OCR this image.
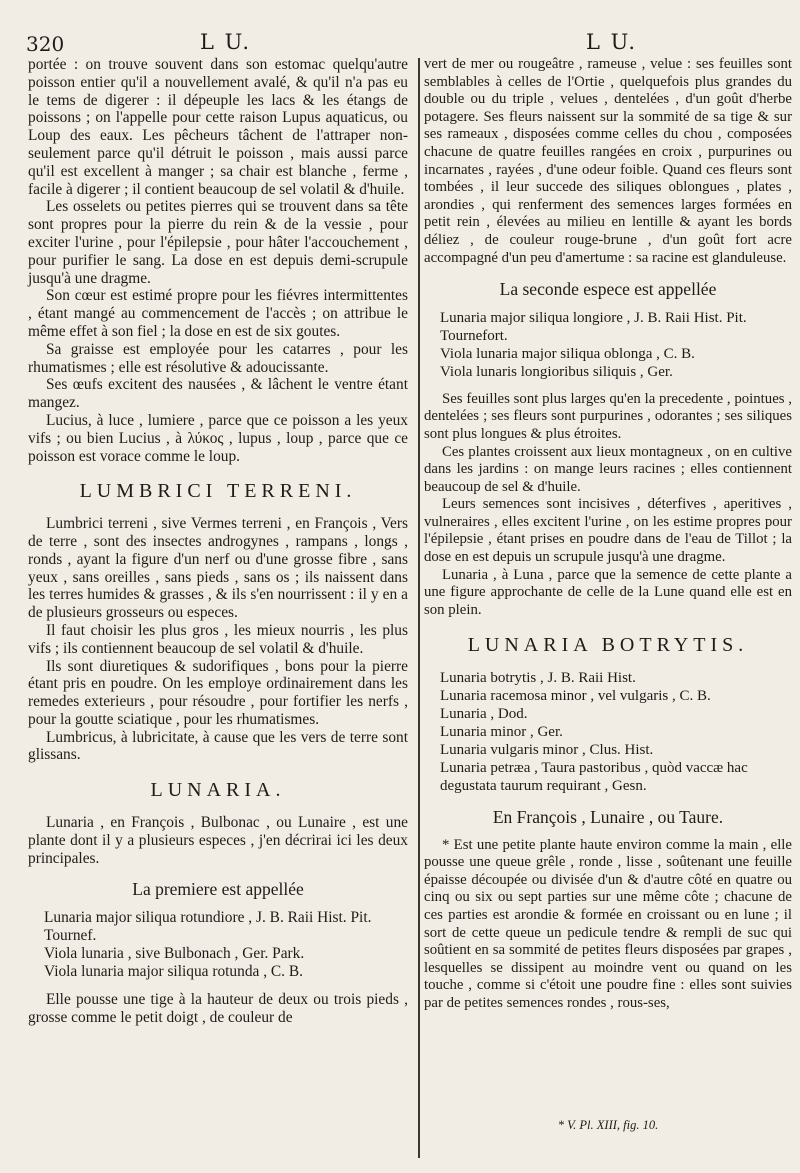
320	L U.	L U.

portée : on trouve souvent dans son estomac quelqu'autre poisson entier qu'il a nouvellement avalé, & qu'il n'a pas eu le tems de digerer : il dépeuple les lacs & les étangs de poissons ; on l'appelle pour cette raison Lupus aquaticus, ou Loup des eaux. Les pêcheurs tâchent de l'attraper non-seulement parce qu'il détruit le poisson , mais aussi parce qu'il est excellent à manger ; sa chair est blanche , ferme , facile à digerer ; il contient beaucoup de sel volatil & d'huile.

Les osselets ou petites pierres qui se trouvent dans sa tête sont propres pour la pierre du rein & de la vessie , pour exciter l'urine , pour l'épilepsie , pour hâter l'accouchement , pour purifier le sang. La dose en est depuis demi-scrupule jusqu'à une dragme.

Son cœur est estimé propre pour les fiévres intermittentes , étant mangé au commencement de l'accès ; on attribue le même effet à son fiel ; la dose en est de six goutes.

Sa graisse est employée pour les catarres , pour les rhumatismes ; elle est résolutive & adoucissante.

Ses œufs excitent des nausées , & lâchent le ventre étant mangez.

Lucius, à luce , lumiere , parce que ce poisson a les yeux vifs ; ou bien Lucius , à λύκος , lupus , loup , parce que ce poisson est vorace comme le loup.

LUMBRICI TERRENI.

Lumbrici terreni , sive Vermes terreni , en François , Vers de terre , sont des insectes androgynes , rampans , longs , ronds , ayant la figure d'un nerf ou d'une grosse fibre , sans yeux , sans oreilles , sans pieds , sans os ; ils naissent dans les terres humides & grasses , & ils s'en nourrissent : il y en a de plusieurs grosseurs ou especes.

Il faut choisir les plus gros , les mieux nourris , les plus vifs ; ils contiennent beaucoup de sel volatil & d'huile.

Ils sont diuretiques & sudorifiques , bons pour la pierre étant pris en poudre. On les employe ordinairement dans les remedes exterieurs , pour résoudre , pour fortifier les nerfs , pour la goutte sciatique , pour les rhumatismes.

Lumbricus, à lubricitate, à cause que les vers de terre sont glissans.

LUNARIA.

Lunaria , en François , Bulbonac , ou Lunaire , est une plante dont il y a plusieurs especes , j'en décrirai ici les deux principales.

La premiere est appellée

Lunaria major siliqua rotundiore , J. B. Raii Hist. Pit. Tournef.

Viola lunaria , sive Bulbonach , Ger. Park.

Viola lunaria major siliqua rotunda , C. B.

Elle pousse une tige à la hauteur de deux ou trois pieds , grosse comme le petit doigt , de couleur de

vert de mer ou rougeâtre , rameuse , velue : ses feuilles sont semblables à celles de l'Ortie , quelquefois plus grandes du double ou du triple , velues , dentelées , d'un goût d'herbe potagere. Ses fleurs naissent sur la sommité de sa tige & sur ses rameaux , disposées comme celles du chou , composées chacune de quatre feuilles rangées en croix , purpurines ou incarnates , rayées , d'une odeur foible. Quand ces fleurs sont tombées , il leur succede des siliques oblongues , plates , arondies , qui renferment des semences larges formées en petit rein , élevées au milieu en lentille & ayant les bords déliez , de couleur rouge-brune , d'un goût fort acre accompagné d'un peu d'amertume : sa racine est glanduleuse.

La seconde espece est appellée

Lunaria major siliqua longiore , J. B. Raii Hist. Pit. Tournefort.

Viola lunaria major siliqua oblonga , C. B.

Viola lunaris longioribus siliquis , Ger.

Ses feuilles sont plus larges qu'en la precedente , pointues , dentelées ; ses fleurs sont purpurines , odorantes ; ses siliques sont plus longues & plus étroites.

Ces plantes croissent aux lieux montagneux , on en cultive dans les jardins : on mange leurs racines ; elles contiennent beaucoup de sel & d'huile.

Leurs semences sont incisives , déterfives , aperitives , vulneraires , elles excitent l'urine , on les estime propres pour l'épilepsie , étant prises en poudre dans de l'eau de Tillot ; la dose en est depuis un scrupule jusqu'à une dragme.

Lunaria , à Luna , parce que la semence de cette plante a une figure approchante de celle de la Lune quand elle est en son plein.

LUNARIA BOTRYTIS.

Lunaria botrytis , J. B. Raii Hist.

Lunaria racemosa minor , vel vulgaris , C. B.

Lunaria , Dod.

Lunaria minor , Ger.

Lunaria vulgaris minor , Clus. Hist.

Lunaria petræa , Taura pastoribus , quòd vaccæ hac degustata taurum requirant , Gesn.

En François , Lunaire , ou Taure.

* Est une petite plante haute environ comme la main , elle pousse une queue grêle , ronde , lisse , soûtenant une feuille épaisse découpée ou divisée d'un & d'autre côté en quatre ou cinq ou six ou sept parties sur une même côte ; chacune de ces parties est arondie & formée en croissant ou en lune ; il sort de cette queue un pedicule tendre & rempli de suc qui soûtient en sa sommité de petites fleurs disposées par grapes , lesquelles se dissipent au moindre vent ou quand on les touche , comme si c'étoit une poudre fine : elles sont suivies par de petites semences rondes , rous-ses,

* V. Pl. XIII, fig. 10.
